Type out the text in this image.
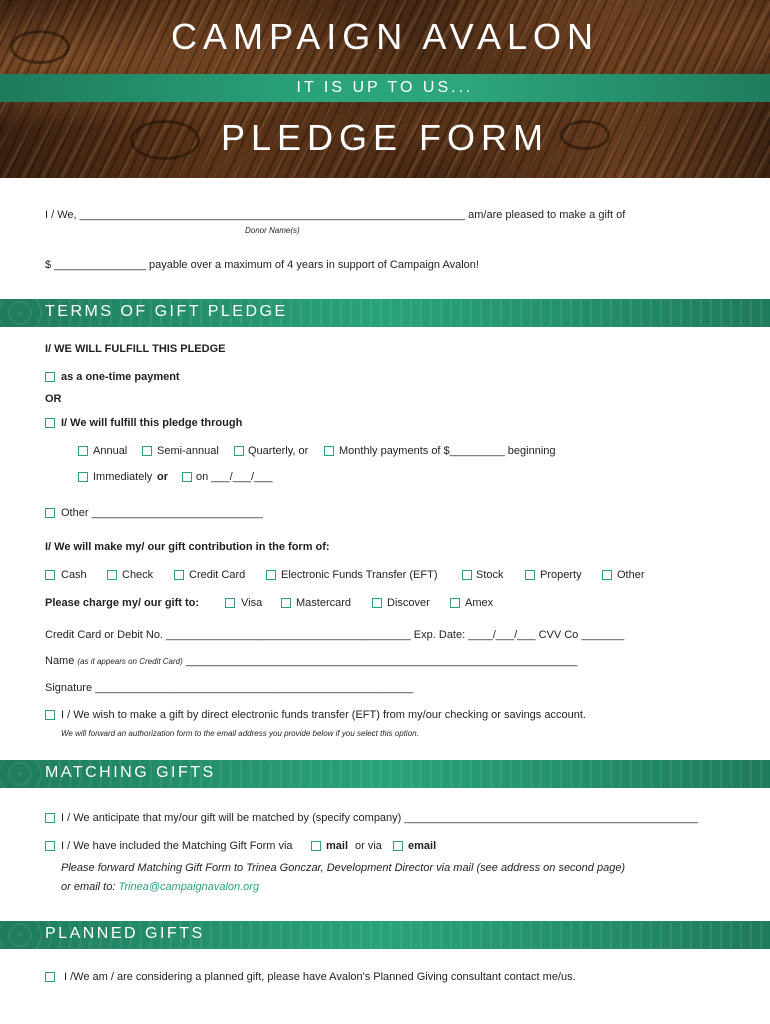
CAMPAIGN AVALON
IT IS UP TO US...
PLEDGE FORM
I / We, _______________________________________________________________ am/are pleased to make a gift of
Donor Name(s)
$ _______________ payable over a maximum of 4 years in support of Campaign Avalon!
TERMS OF GIFT PLEDGE
I/ WE WILL FULFILL THIS PLEDGE
as a one-time payment
OR
I/ We will fulfill this pledge through
Annual	Semi-annual	Quarterly, or	Monthly payments of $_________ beginning
Immediately or	on ___/___/___
Other ____________________________
I/ We will make my/ our gift contribution in the form of:
Cash	Check	Credit Card	Electronic Funds Transfer (EFT)	Stock	Property	Other
Please charge my/ our gift to:	Visa	Mastercard	Discover	Amex
Credit Card or Debit No. ________________________________________ Exp. Date: ____/___/___ CVV Co _______
Name (as it appears on Credit Card) ________________________________________________________________
Signature ____________________________________________________
I / We wish to make a gift by direct electronic funds transfer (EFT) from my/our checking or savings account.
We will forward an authorization form to the email address you provide below if you select this option.
MATCHING GIFTS
I / We anticipate that my/our gift will be matched by (specify company) ________________________________________________
I / We have included the Matching Gift Form via	mail or via email
Please forward Matching Gift Form to Trinea Gonczar, Development Director via mail (see address on second page)
or email to: Trinea@campaignavalon.org
PLANNED GIFTS
I /We am / are considering a planned gift, please have Avalon's Planned Giving consultant contact me/us.
